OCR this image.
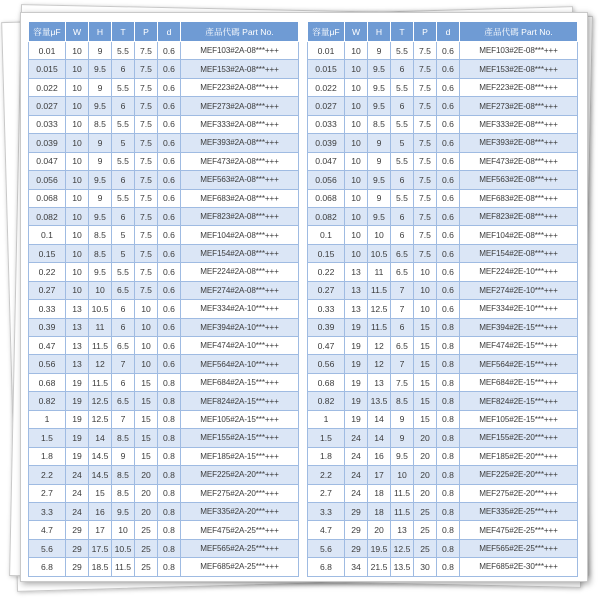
容量μF	W	H	T	P	d	產品代碼 Part No.
0.01	10	9	5.5	7.5	0.6	MEF103#2A-08***+++
0.015	10	9.5	6	7.5	0.6	MEF153#2A-08***+++
0.022	10	9	5.5	7.5	0.6	MEF223#2A-08***+++
0.027	10	9.5	6	7.5	0.6	MEF273#2A-08***+++
0.033	10	8.5	5.5	7.5	0.6	MEF333#2A-08***+++
0.039	10	9	5	7.5	0.6	MEF393#2A-08***+++
0.047	10	9	5.5	7.5	0.6	MEF473#2A-08***+++
0.056	10	9.5	6	7.5	0.6	MEF563#2A-08***+++
0.068	10	9	5.5	7.5	0.6	MEF683#2A-08***+++
0.082	10	9.5	6	7.5	0.6	MEF823#2A-08***+++
0.1	10	8.5	5	7.5	0.6	MEF104#2A-08***+++
0.15	10	8.5	5	7.5	0.6	MEF154#2A-08***+++
0.22	10	9.5	5.5	7.5	0.6	MEF224#2A-08***+++
0.27	10	10	6.5	7.5	0.6	MEF274#2A-08***+++
0.33	13	10.5	6	10	0.6	MEF334#2A-10***+++
0.39	13	11	6	10	0.6	MEF394#2A-10***+++
0.47	13	11.5	6.5	10	0.6	MEF474#2A-10***+++
0.56	13	12	7	10	0.6	MEF564#2A-10***+++
0.68	19	11.5	6	15	0.8	MEF684#2A-15***+++
0.82	19	12.5	6.5	15	0.8	MEF824#2A-15***+++
1	19	12.5	7	15	0.8	MEF105#2A-15***+++
1.5	19	14	8.5	15	0.8	MEF155#2A-15***+++
1.8	19	14.5	9	15	0.8	MEF185#2A-15***+++
2.2	24	14.5	8.5	20	0.8	MEF225#2A-20***+++
2.7	24	15	8.5	20	0.8	MEF275#2A-20***+++
3.3	24	16	9.5	20	0.8	MEF335#2A-20***+++
4.7	29	17	10	25	0.8	MEF475#2A-25***+++
5.6	29	17.5	10.5	25	0.8	MEF565#2A-25***+++
6.8	29	18.5	11.5	25	0.8	MEF685#2A-25***+++
容量μF	W	H	T	P	d	產品代碼 Part No.
0.01	10	9	5.5	7.5	0.6	MEF103#2E-08***+++
0.015	10	9.5	6	7.5	0.6	MEF153#2E-08***+++
0.022	10	9.5	5.5	7.5	0.6	MEF223#2E-08***+++
0.027	10	9.5	6	7.5	0.6	MEF273#2E-08***+++
0.033	10	8.5	5.5	7.5	0.6	MEF333#2E-08***+++
0.039	10	9	5	7.5	0.6	MEF393#2E-08***+++
0.047	10	9	5.5	7.5	0.6	MEF473#2E-08***+++
0.056	10	9.5	6	7.5	0.6	MEF563#2E-08***+++
0.068	10	9	5.5	7.5	0.6	MEF683#2E-08***+++
0.082	10	9.5	6	7.5	0.6	MEF823#2E-08***+++
0.1	10	10	6	7.5	0.6	MEF104#2E-08***+++
0.15	10	10.5	6.5	7.5	0.6	MEF154#2E-08***+++
0.22	13	11	6.5	10	0.6	MEF224#2E-10***+++
0.27	13	11.5	7	10	0.6	MEF274#2E-10***+++
0.33	13	12.5	7	10	0.6	MEF334#2E-10***+++
0.39	19	11.5	6	15	0.8	MEF394#2E-15***+++
0.47	19	12	6.5	15	0.8	MEF474#2E-15***+++
0.56	19	12	7	15	0.8	MEF564#2E-15***+++
0.68	19	13	7.5	15	0.8	MEF684#2E-15***+++
0.82	19	13.5	8.5	15	0.8	MEF824#2E-15***+++
1	19	14	9	15	0.8	MEF105#2E-15***+++
1.5	24	14	9	20	0.8	MEF155#2E-20***+++
1.8	24	16	9.5	20	0.8	MEF185#2E-20***+++
2.2	24	17	10	20	0.8	MEF225#2E-20***+++
2.7	24	18	11.5	20	0.8	MEF275#2E-20***+++
3.3	29	18	11.5	25	0.8	MEF335#2E-25***+++
4.7	29	20	13	25	0.8	MEF475#2E-25***+++
5.6	29	19.5	12.5	25	0.8	MEF565#2E-25***+++
6.8	34	21.5	13.5	30	0.8	MEF685#2E-30***+++
